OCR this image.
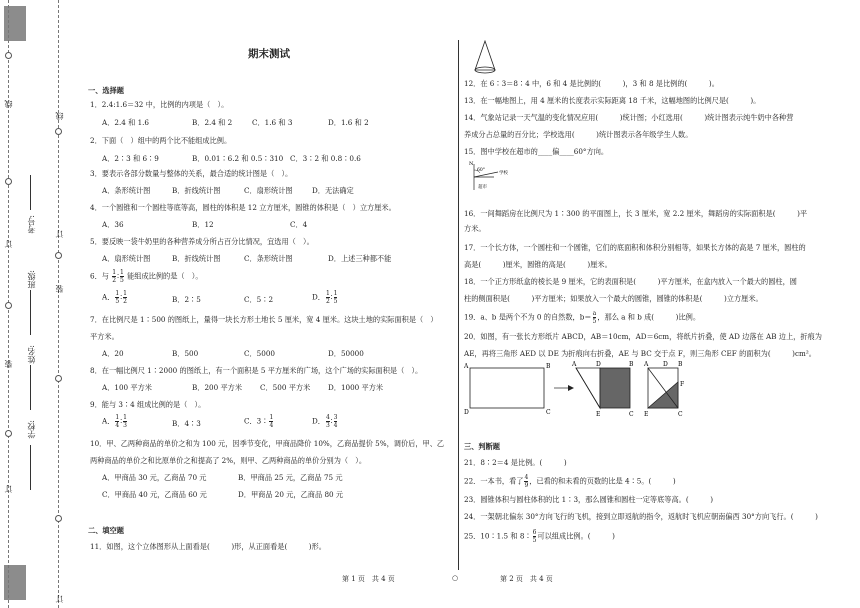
线
订
装
订
线
订
装
订
学校:
姓名:
班级:
考号:
期末测试
一、选择题
1．2.4:1.6＝32 中，比例的内项是（　）。
A．2.4 和 1.6	B．2.4 和 2	C．1.6 和 3	D．1.6 和 2
2．下面（　）组中的两个比不能组成比例。
A．2∶3 和 6∶9	B．0.01∶6.2 和 0.5∶310 C．3∶2 和 0.8∶0.6
3．要表示各部分数量与整体的关系，最合适的统计图是（　）。
A．条形统计图	B．折线统计图	C．扇形统计图	D．无法确定
4．一个圆锥和一个圆柱等底等高，圆柱的体积是 12 立方厘米，圆锥的体积是（　）立方厘米。
A．36	B．12	C．4
5．要反映一袋牛奶里的各种营养成分所占百分比情况，宜选用（　）。
A．扇形统计图	B．折线统计图	C．条形统计图	D．上述三种都不能
6．与 $\frac{1}{2}$ ∶ $\frac{1}{5}$ 能组成比例的是（　）。
A． $\frac{1}{5}$ ∶ $\frac{1}{2}$	B．2∶5	C．5∶2	D． $\frac{1}{2}$ ∶ $\frac{1}{5}$
7．在比例尺是 1∶500 的图纸上，量得一块长方形土地长 5 厘米，宽 4 厘米。这块土地的实际面积是（　）
平方米。
A．20	B．500	C．5000	D．50000
8．在一幅比例尺 1∶2000 的图纸上，有一个面积是 5 平方厘米的广场，这个广场的实际面积是（　）。
A．100 平方米	B．200 平方米 C．500 平方米 D．1000 平方米
9．能与 3∶4 组成比例的是（　）。
A． $\frac{1}{4}$ ∶ $\frac{1}{3}$	B．4∶3	C．3∶ $\frac{1}{4}$	D． $\frac{4}{3}$ ∶ $\frac{3}{4}$
10．甲、乙两种商品的单价之和为 100 元，因季节变化，甲商品降价 10%，乙商品提价 5%，调价后，甲、乙
两种商品的单价之和比原单价之和提高了 2%，则甲、乙两种商品的单价分别为（　）。
A．甲商品 30 元，乙商品 70 元	B．甲商品 25 元，乙商品 75 元
C．甲商品 40 元，乙商品 60 元	D．甲商品 20 元，乙商品 80 元
二、填空题
11．如图，这个立体图形从上面看是(　　　)形，从正面看是(　　　)形。
12．在 6∶3＝8∶4 中，6 和 4 是比例的(　　　)，3 和 8 是比例的(　　　)。
13．在一幅地图上，用 4 厘米的长度表示实际距离 18 千米，这幅地图的比例尺是(　　　)。
14．气象站记录一天气温的变化情况应用(　　　)统计图；小红选用(　　　)统计图表示纯牛奶中各种营
养成分占总量的百分比；学校选用(　　　)统计图表示各年级学生人数。
15．图中学校在超市的____偏____60°方向。
N
60°
学校
超市
16．一间舞蹈房在比例尺为 1∶300 的平面图上，长 3 厘米，宽 2.2 厘米，舞蹈房的实际面积是(　　　)平
方米。
17．一个长方体，一个圆柱和一个圆锥，它们的底面积和体积分别相等，如果长方体的高是 7 厘米，圆柱的
高是(　　　)厘米，圆锥的高是(　　　)厘米。
18．一个正方形纸盒的棱长是 9 厘米，它的表面积是(　　　)平方厘米，在盒内放入一个最大的圆柱，圆
柱的侧面积是(　　　)平方厘米；如果放入一个最大的圆锥，圆锥的体积是(　　　)立方厘米。
19．a、b 是两个不为 0 的自然数，$b= \frac{a}{5}$ ，那么 a 和 b 成(　　　)比例。
20．如图，有一张长方形纸片 ABCD，AB＝10cm，AD＝6cm，将纸片折叠，使 AD 边落在 AB 边上，折痕为
AE，再将三角形 AED 以 DE 为折痕向右折叠，AE 与 BC 交于点 F，则三角形 CEF 的面积为(　　　)cm²。
A	B
D	C
A	D	B
E	C
A D B
F
E	C
三、判断题
21．8∶2＝4 是比例。(　　　)
22．一本书，看了 $\frac{4}{9}$ ，已看的和未看的页数的比是 4∶5。(　　　)
23．圆锥体积与圆柱体积的比 1∶3，那么圆锥和圆柱一定等底等高。(　　　)
24．一架朝北偏东 30°方向飞行的飞机，接到立即返航的指令，返航时飞机应朝南偏西 30°方向飞行。(　　　)
25．10∶1.5 和 8∶ $\frac{6}{5}$ 可以组成比例。(　　　)
第 1 页　共 4 页	○	第 2 页　共 4 页
